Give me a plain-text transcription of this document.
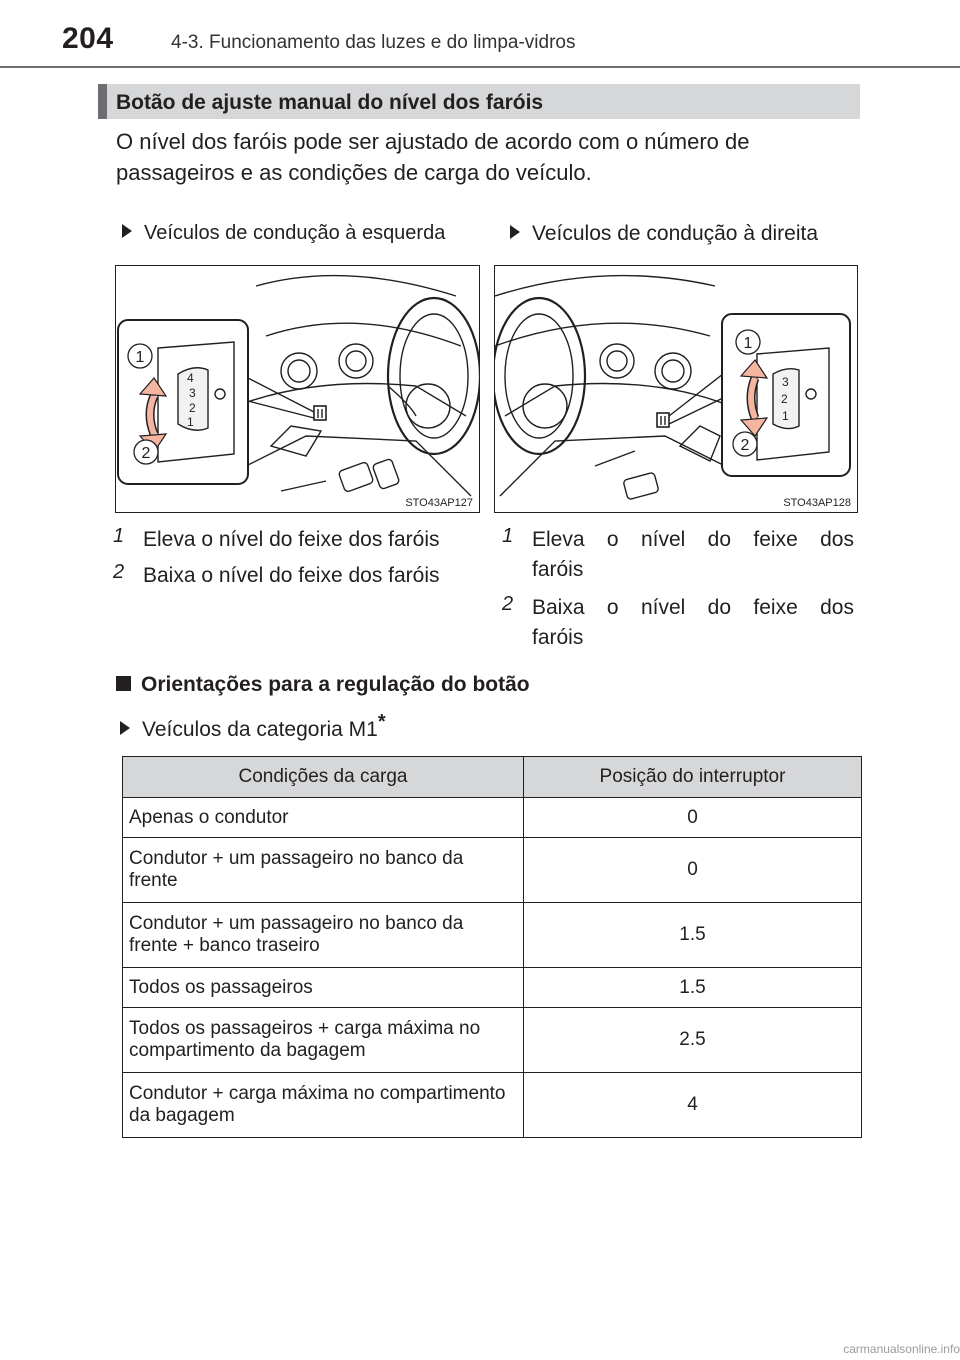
204	4-3. Funcionamento das luzes e do limpa-vidros
Botão de ajuste manual do nível dos faróis
O nível dos faróis pode ser ajustado de acordo com o número de passageiros e as condições de carga do veículo.
Veículos de condução à esquerda	Veículos de condução à direita
4
3
2
1
1
2
STO43AP127
3
2
1
1
2
STO43AP128
1 Eleva o nível do feixe dos faróis
2 Baixa o nível do feixe dos faróis
1 Eleva o nível do feixe dos
faróis
2 Baixa o nível do feixe dos
faróis
Orientações para a regulação do botão
Veículos da categoria M1*
Condições da carga	Posição do interruptor
Apenas o condutor	0
Condutor + um passageiro no banco da frente	0
Condutor + um passageiro no banco da frente + banco traseiro	1.5
Todos os passageiros	1.5
Todos os passageiros + carga máxima no compartimento da bagagem	2.5
Condutor + carga máxima no compartimento da bagagem	4
carmanualsonline.info
